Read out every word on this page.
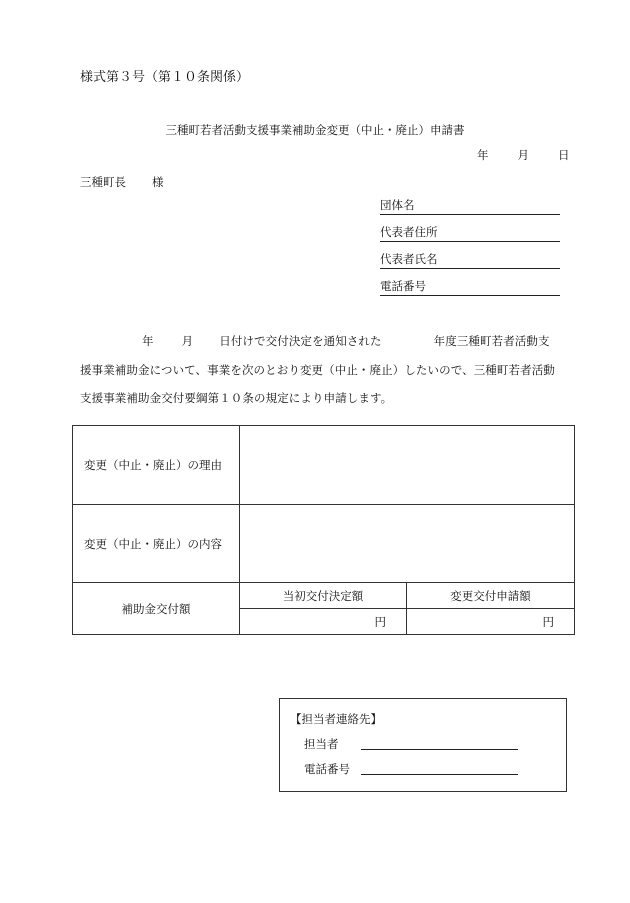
様式第３号（第１０条関係）
三種町若者活動支援事業補助金変更（中止・廃止）申請書
年	月	日
三種町長 様
団体名
代表者住所
代表者氏名
電話番号
年 月 日付けで交付決定を通知された	年度三種町若者活動支援事業補助金について、事業を次のとおり変更（中止・廃止）したいので、三種町若者活動支援事業補助金交付要綱第１０条の規定により申請します。
変更（中止・廃止）の理由		
変更（中止・廃止）の内容		
補助金交付額	当初交付決定額	変更交付申請額
	円	円
【担当者連絡先】
担当者
電話番号
